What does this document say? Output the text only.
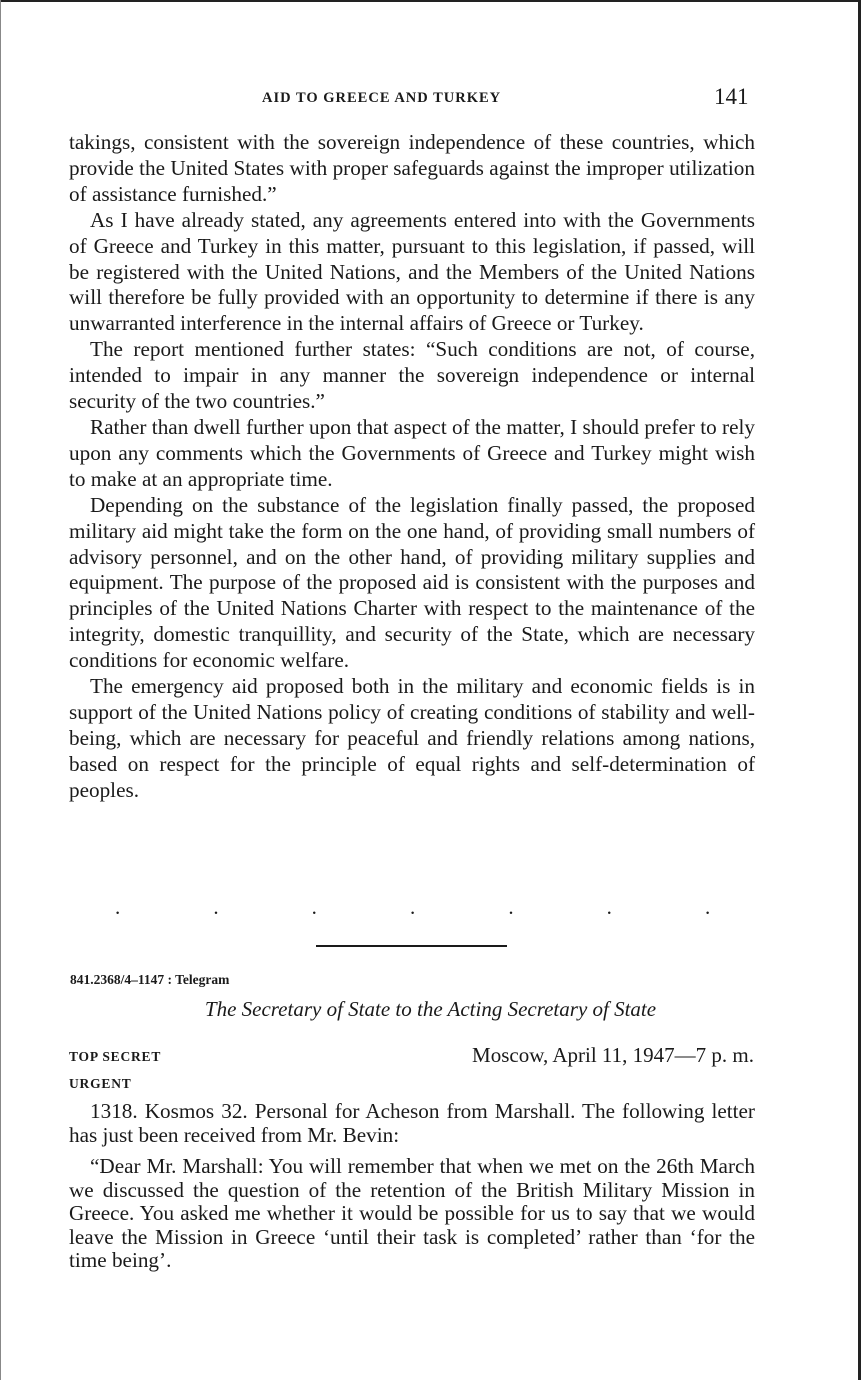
AID TO GREECE AND TURKEY	141

takings, consistent with the sovereign independence of these countries, which provide the United States with proper safeguards against the improper utilization of assistance furnished.”

As I have already stated, any agreements entered into with the Governments of Greece and Turkey in this matter, pursuant to this legislation, if passed, will be registered with the United Nations, and the Members of the United Nations will therefore be fully provided with an opportunity to determine if there is any unwarranted interference in the internal affairs of Greece or Turkey.

The report mentioned further states: “Such conditions are not, of course, intended to impair in any manner the sovereign independence or internal security of the two countries.”

Rather than dwell further upon that aspect of the matter, I should prefer to rely upon any comments which the Governments of Greece and Turkey might wish to make at an appropriate time.

Depending on the substance of the legislation finally passed, the proposed military aid might take the form on the one hand, of providing small numbers of advisory personnel, and on the other hand, of providing military supplies and equipment. The purpose of the proposed aid is consistent with the purposes and principles of the United Nations Charter with respect to the maintenance of the integrity, domestic tranquillity, and security of the State, which are necessary conditions for economic welfare.

The emergency aid proposed both in the military and economic fields is in support of the United Nations policy of creating conditions of stability and well-being, which are necessary for peaceful and friendly relations among nations, based on respect for the principle of equal rights and self-determination of peoples.

.	.	.	.	.	.	.
841.2368/4–1147 : Telegram
The Secretary of State to the Acting Secretary of State
TOP SECRET
URGENT
Moscow, April 11, 1947—7 p. m.

1318. Kosmos 32. Personal for Acheson from Marshall. The following letter has just been received from Mr. Bevin:

“Dear Mr. Marshall: You will remember that when we met on the 26th March we discussed the question of the retention of the British Military Mission in Greece. You asked me whether it would be possible for us to say that we would leave the Mission in Greece ‘until their task is completed’ rather than ‘for the time being’.
